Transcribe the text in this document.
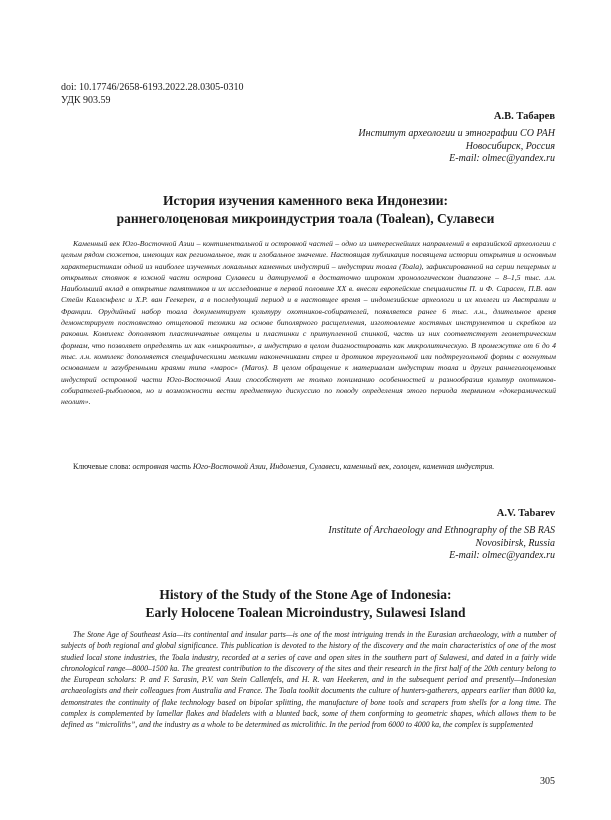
doi: 10.17746/2658-6193.2022.28.0305-0310
УДК 903.59
А.В. Табарев
Институт археологии и этнографии СО РАН
Новосибирск, Россия
E-mail: olmec@yandex.ru
История изучения каменного века Индонезии:
раннеголоценовая микроиндустрия тоала (Toalean), Сулавеси

Каменный век Юго-Восточной Азии – континентальной и островной частей – одно из интереснейших направлений в евразийской археологии с целым рядом сюжетов, имеющих как региональное, так и глобальное значение. Настоящая публикация посвящена истории открытия и основным характеристикам одной из наиболее изученных локальных каменных индустрий – индустрии тоала (Toala), зафиксированной на серии пещерных и открытых стоянок в южной части острова Сулавеси и датируемой в достаточно широком хронологическом диапазоне – 8–1,5 тыс. л.н. Наибольший вклад в открытие памятников и их исследование в первой половине XX в. внесли европейские специалисты П. и Ф. Сарасен, П.В. ван Стейн Каллєнфелс и Х.Р. ван Геекерен, а в последующий период и в настоящее время – индонезийские археологи и их коллеги из Австралии и Франции. Орудийный набор тоала документирует культуру охотников-собирателей, появляется ранее 6 тыс. л.н., длительное время демонстрирует постоянство отщеповой техники на основе биполярного расщепления, изготовление костяных инструментов и скребков из раковин. Комплекс дополняют пластинчатые отщепы и пластинки с притупленной спинкой, часть из них соответствует геометрическим формам, что позволяет определять их как «микролиты», а индустрию в целом диагностировать как микролитическую. В промежутке от 6 до 4 тыс. л.н. комплекс дополняется специфическими мелкими наконечниками стрел и дротиков треугольной или подтреугольной формы с вогнутым основанием и зазубренными краями типа «марос» (Maros). В целом обращение к материалам индустрии тоала и других раннеголоценовых индустрий островной части Юго-Восточной Азии способствует не только пониманию особенностей и разнообразия культур охотников-собирателей-рыболовов, но и возможности вести предметную дискуссию по поводу определения этого периода термином «докерамический неолит».

Ключевые слова: островная часть Юго-Восточной Азии, Индонезия, Сулавеси, каменный век, голоцен, каменная индустрия.
A.V. Tabarev
Institute of Archaeology and Ethnography of the SB RAS
Novosibirsk, Russia
E-mail: olmec@yandex.ru
History of the Study of the Stone Age of Indonesia:
Early Holocene Toalean Microindustry, Sulawesi Island

The Stone Age of Southeast Asia—its continental and insular parts—is one of the most intriguing trends in the Eurasian archaeology, with a number of subjects of both regional and global significance. This publication is devoted to the history of the discovery and the main characteristics of one of the most studied local stone industries, the Toala industry, recorded at a series of cave and open sites in the southern part of Sulawesi, and dated in a fairly wide chronological range—8000–1500 ka. The greatest contribution to the discovery of the sites and their research in the first half of the 20th century belong to the European scholars: P. and F. Sarasin, P.V. van Stein Callenfels, and H. R. van Heekeren, and in the subsequent period and presently—Indonesian archaeologists and their colleagues from Australia and France. The Toala toolkit documents the culture of hunters-gatherers, appears earlier than 8000 ka, demonstrates the continuity of flake technology based on bipolar splitting, the manufacture of bone tools and scrapers from shells for a long time. The complex is complemented by lamellar flakes and bladelets with a blunted back, some of them conforming to geometric shapes, which allows them to be defined as “microliths”, and the industry as a whole to be determined as microlithic. In the period from 6000 to 4000 ka, the complex is supplemented

305
